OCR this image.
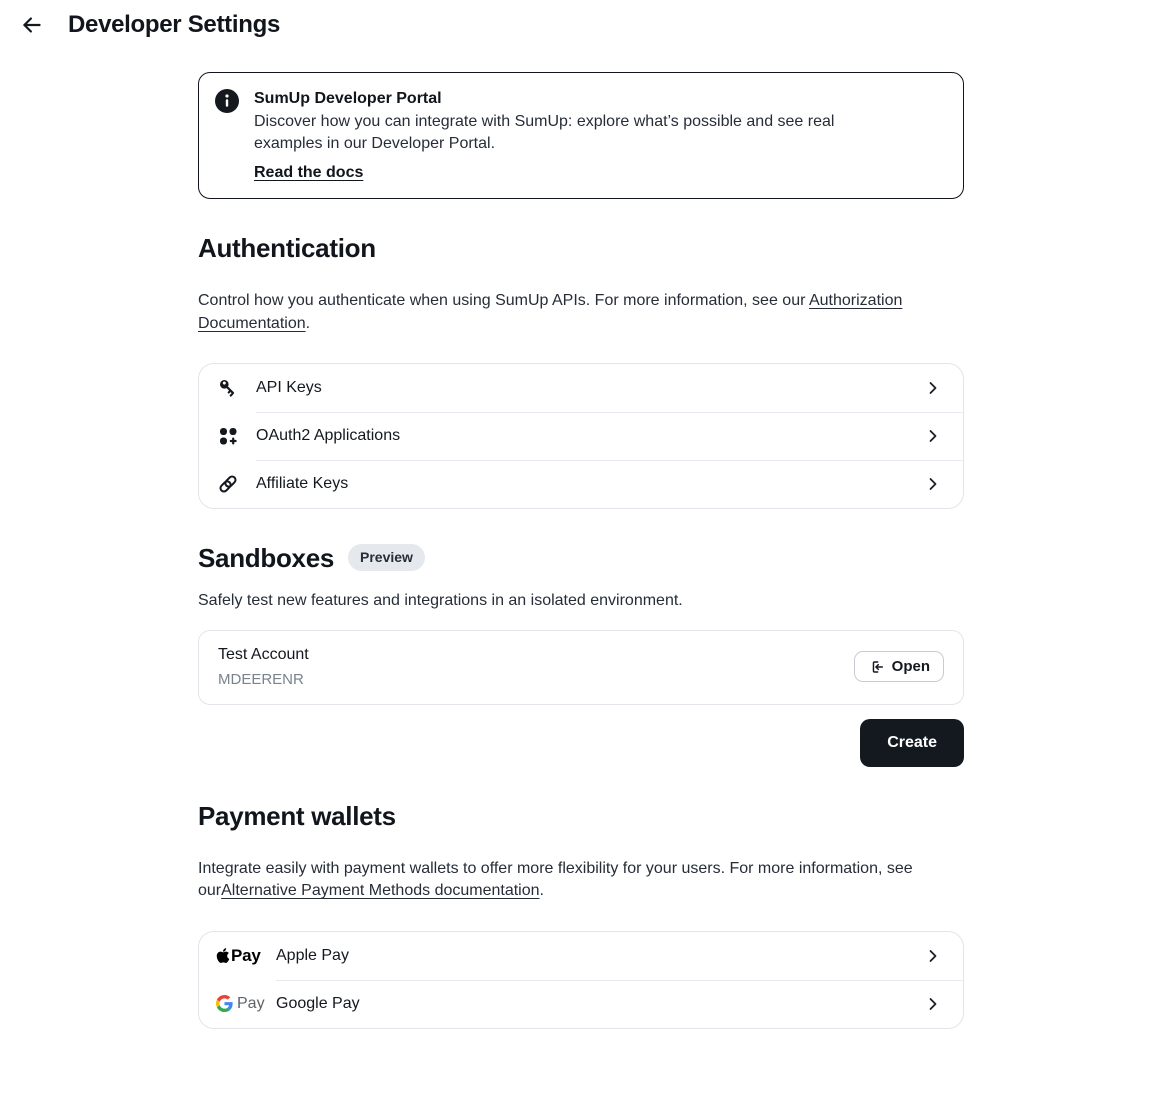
Developer Settings
SumUp Developer Portal
Discover how you can integrate with SumUp: explore what’s possible and see real examples in our Developer Portal.
Read the docs
Authentication

Control how you authenticate when using SumUp APIs. For more information, see our Authorization Documentation.

API Keys
OAuth2 Applications
Affiliate Keys
Sandboxes Preview

Safely test new features and integrations in an isolated environment.

Test Account
MDEERENR
Open
Create
Payment wallets

Integrate easily with payment wallets to offer more flexibility for your users. For more information, see ourAlternative Payment Methods documentation.

Pay Apple Pay
Pay Google Pay
